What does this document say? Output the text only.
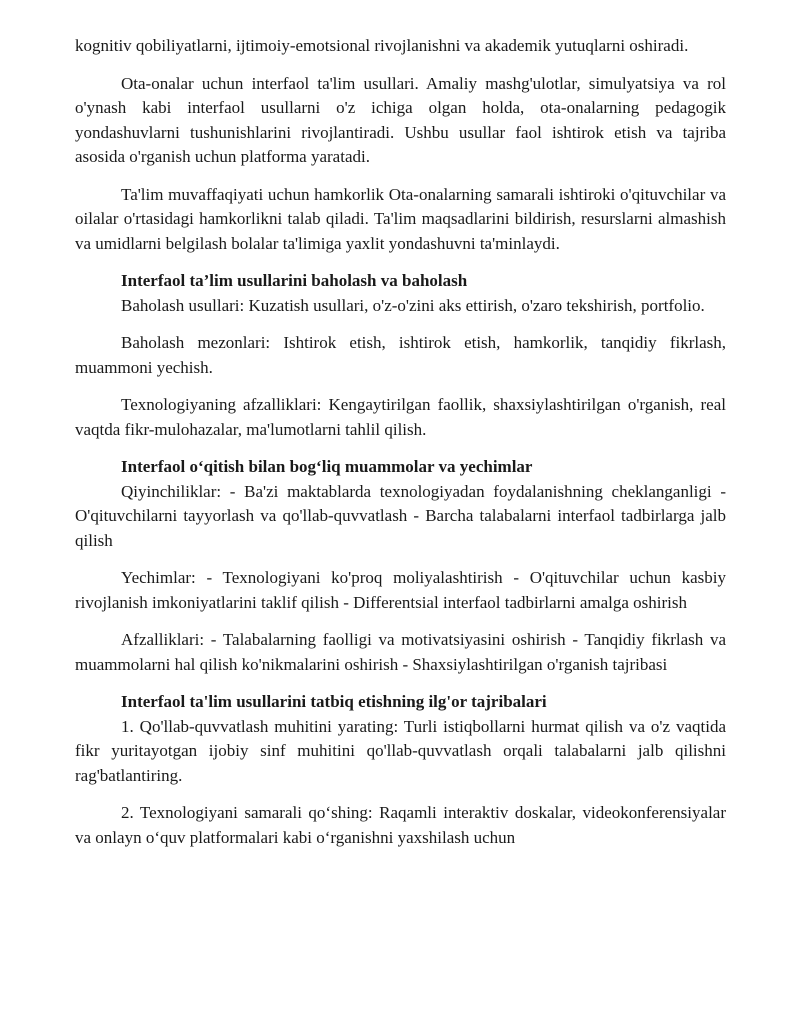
kognitiv qobiliyatlarni, ijtimoiy-emotsional rivojlanishni va akademik yutuqlarni oshiradi.

Ota-onalar uchun interfaol ta'lim usullari. Amaliy mashg'ulotlar, simulyatsiya va rol o'ynash kabi interfaol usullarni o'z ichiga olgan holda, ota-onalarning pedagogik yondashuvlarni tushunishlarini rivojlantiradi. Ushbu usullar faol ishtirok etish va tajriba asosida o'rganish uchun platforma yaratadi.

Ta'lim muvaffaqiyati uchun hamkorlik Ota-onalarning samarali ishtiroki o'qituvchilar va oilalar o'rtasidagi hamkorlikni talab qiladi. Ta'lim maqsadlarini bildirish, resurslarni almashish va umidlarni belgilash bolalar ta'limiga yaxlit yondashuvni ta'minlaydi.

Interfaol ta’lim usullarini baholash va baholash

Baholash usullari: Kuzatish usullari, o'z-o'zini aks ettirish, o'zaro tekshirish, portfolio.

Baholash mezonlari: Ishtirok etish, ishtirok etish, hamkorlik, tanqidiy fikrlash, muammoni yechish.

Texnologiyaning afzalliklari: Kengaytirilgan faollik, shaxsiylashtirilgan o'rganish, real vaqtda fikr-mulohazalar, ma'lumotlarni tahlil qilish.

Interfaol o‘qitish bilan bog‘liq muammolar va yechimlar

Qiyinchiliklar: - Ba'zi maktablarda texnologiyadan foydalanishning cheklanganligi - O'qituvchilarni tayyorlash va qo'llab-quvvatlash - Barcha talabalarni interfaol tadbirlarga jalb qilish

Yechimlar: - Texnologiyani ko'proq moliyalashtirish - O'qituvchilar uchun kasbiy rivojlanish imkoniyatlarini taklif qilish - Differentsial interfaol tadbirlarni amalga oshirish

Afzalliklari: - Talabalarning faolligi va motivatsiyasini oshirish - Tanqidiy fikrlash va muammolarni hal qilish ko'nikmalarini oshirish - Shaxsiylashtirilgan o'rganish tajribasi

Interfaol ta'lim usullarini tatbiq etishning ilg'or tajribalari

1. Qo'llab-quvvatlash muhitini yarating: Turli istiqbollarni hurmat qilish va o'z vaqtida fikr yuritayotgan ijobiy sinf muhitini qo'llab-quvvatlash orqali talabalarni jalb qilishni rag'batlantiring.

2. Texnologiyani samarali qo‘shing: Raqamli interaktiv doskalar, videokonferensiyalar va onlayn o‘quv platformalari kabi o‘rganishni yaxshilash uchun
